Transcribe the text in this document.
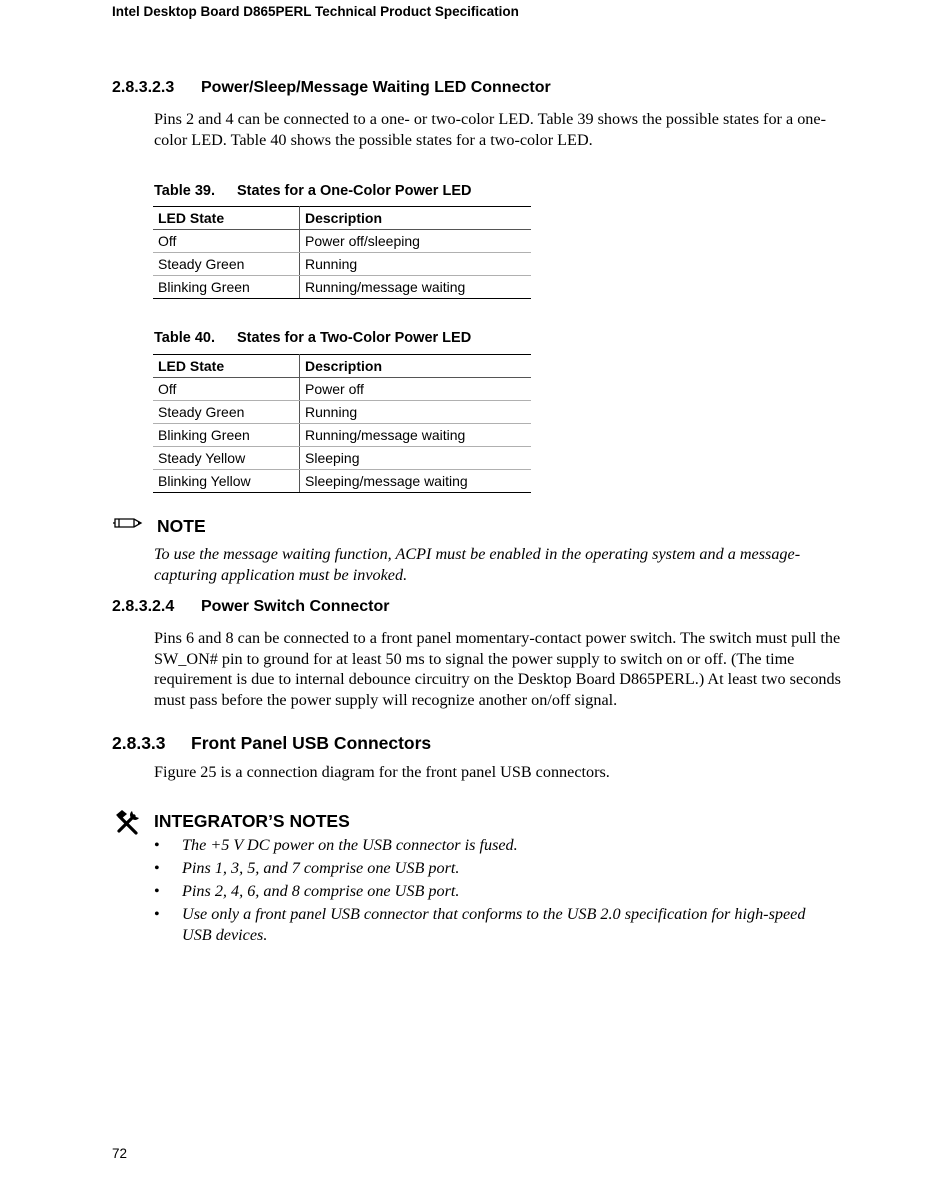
Intel Desktop Board D865PERL Technical Product Specification
2.8.3.2.3 Power/Sleep/Message Waiting LED Connector
Pins 2 and 4 can be connected to a one- or two-color LED. Table 39 shows the possible states for a one-color LED. Table 40 shows the possible states for a two-color LED.
Table 39. States for a One-Color Power LED
LED State	Description
Off	Power off/sleeping
Steady Green	Running
Blinking Green	Running/message waiting
Table 40. States for a Two-Color Power LED
LED State	Description
Off	Power off
Steady Green	Running
Blinking Green	Running/message waiting
Steady Yellow	Sleeping
Blinking Yellow	Sleeping/message waiting
NOTE
To use the message waiting function, ACPI must be enabled in the operating system and a message-capturing application must be invoked.
2.8.3.2.4 Power Switch Connector
Pins 6 and 8 can be connected to a front panel momentary-contact power switch. The switch must pull the SW_ON# pin to ground for at least 50 ms to signal the power supply to switch on or off. (The time requirement is due to internal debounce circuitry on the Desktop Board D865PERL.) At least two seconds must pass before the power supply will recognize another on/off signal.
2.8.3.3 Front Panel USB Connectors
Figure 25 is a connection diagram for the front panel USB connectors.
INTEGRATOR’S NOTES
• The +5 V DC power on the USB connector is fused.
• Pins 1, 3, 5, and 7 comprise one USB port.
• Pins 2, 4, 6, and 8 comprise one USB port.
• Use only a front panel USB connector that conforms to the USB 2.0 specification for high-speed USB devices.
72
